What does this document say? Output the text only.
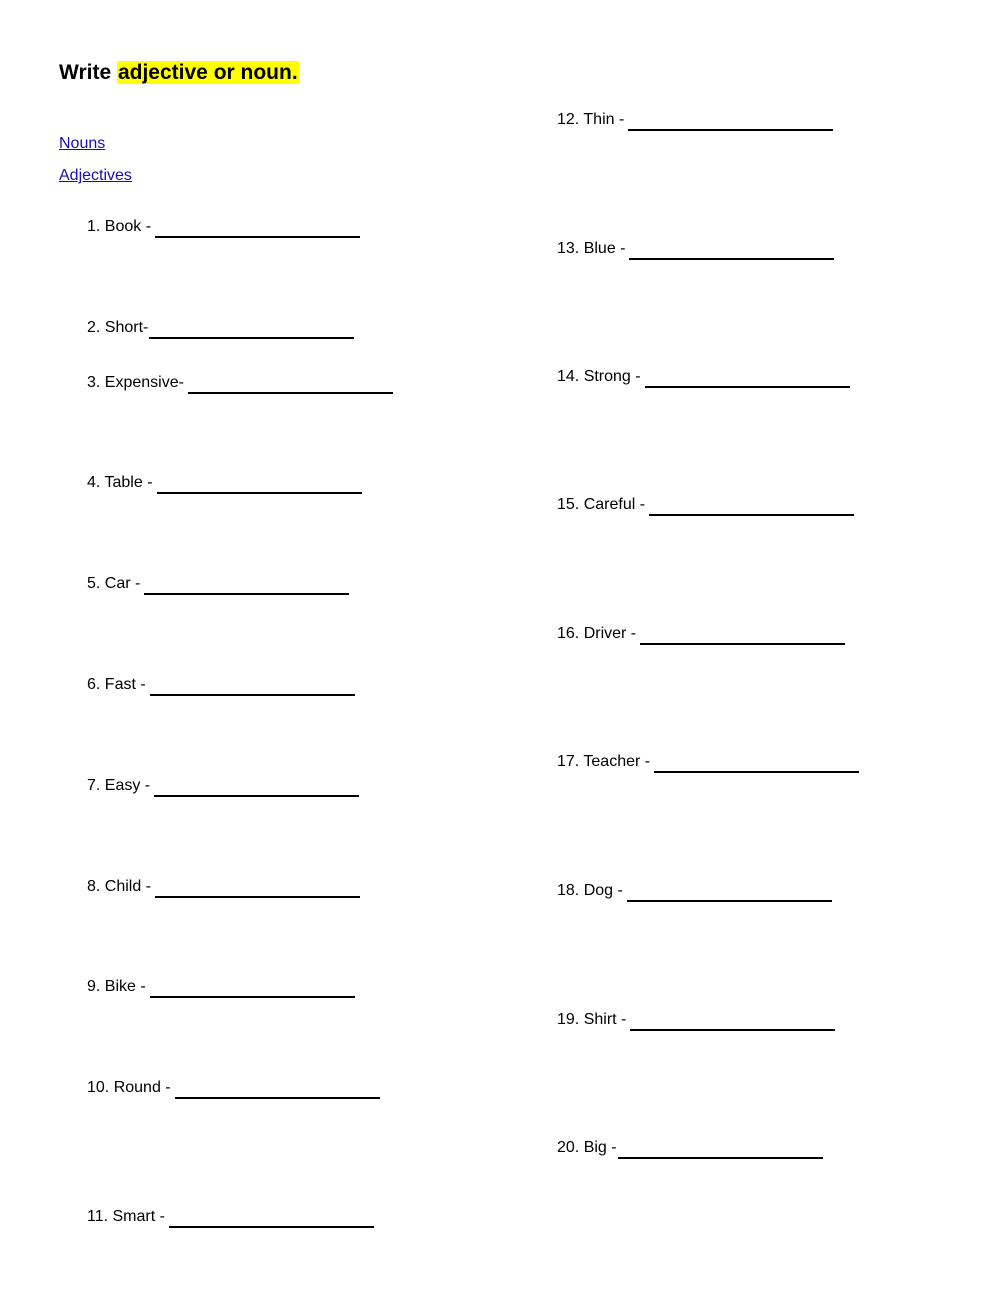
Write adjective or noun.
Nouns
Adjectives
1. Book -
2. Short-
3. Expensive-
4. Table -
5. Car -
6. Fast -
7. Easy -
8. Child -
9. Bike -
10. Round -
11. Smart -
12. Thin -
13. Blue -
14. Strong -
15. Careful -
16. Driver -
17. Teacher -
18. Dog -
19. Shirt -
20. Big -
